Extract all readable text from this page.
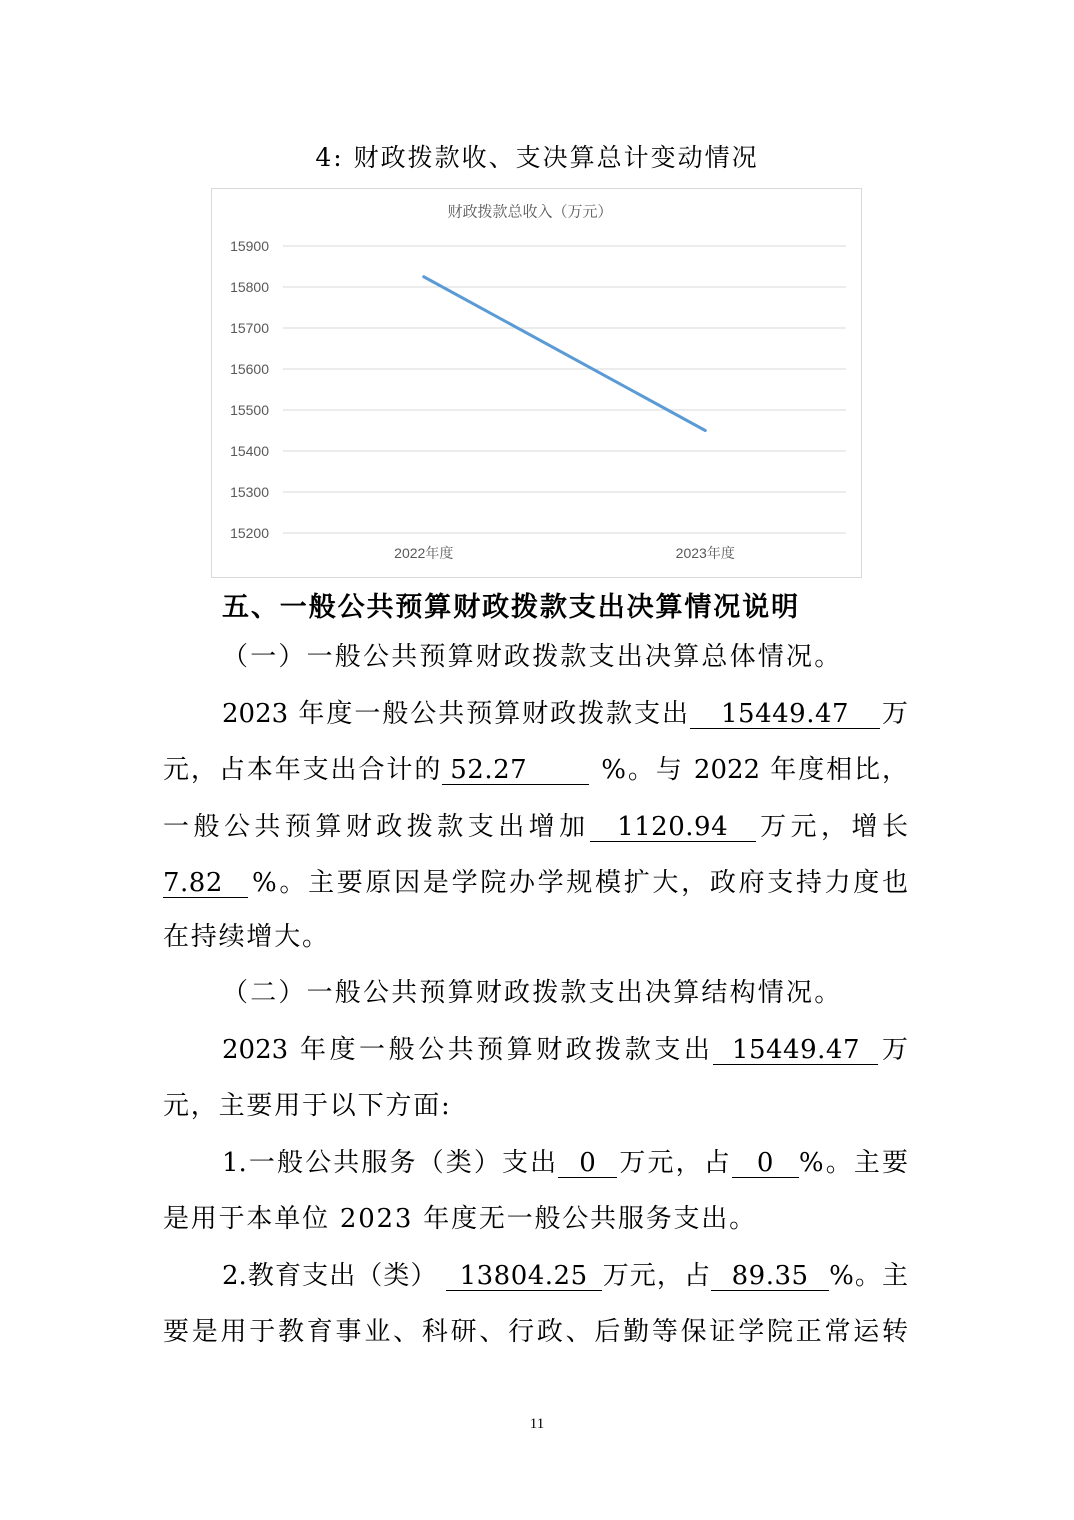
4: 财政拨款收、支决算总计变动情况
财政拨款总收入（万元）
15900
15800
15700
15600
15500
15400
15300
15200
2022年度	2023年度
五、一般公共预算财政拨款支出决算情况说明
（一）一般公共预算财政拨款支出决算总体情况。
2023 年度一般公共预算财政拨款支出 15449.47 万
元，占本年支出合计的 52.27	%。与 2022 年度相比，
一般公共预算财政拨款支出增加 1120.94 万元，增长
7.82 %。主要原因是学院办学规模扩大，政府支持力度也
在持续增大。
（二）一般公共预算财政拨款支出决算结构情况。
2023 年度一般公共预算财政拨款支出 15449.47 万
元，主要用于以下方面:
1.一般公共服务（类）支出 0 万元，占 0 %。主要
是用于本单位 2023 年度无一般公共服务支出。
2.教育支出（类） 13804.25 万元，占 89.35 %。主
要是用于教育事业、科研、行政、后勤等保证学院正常运转
11
